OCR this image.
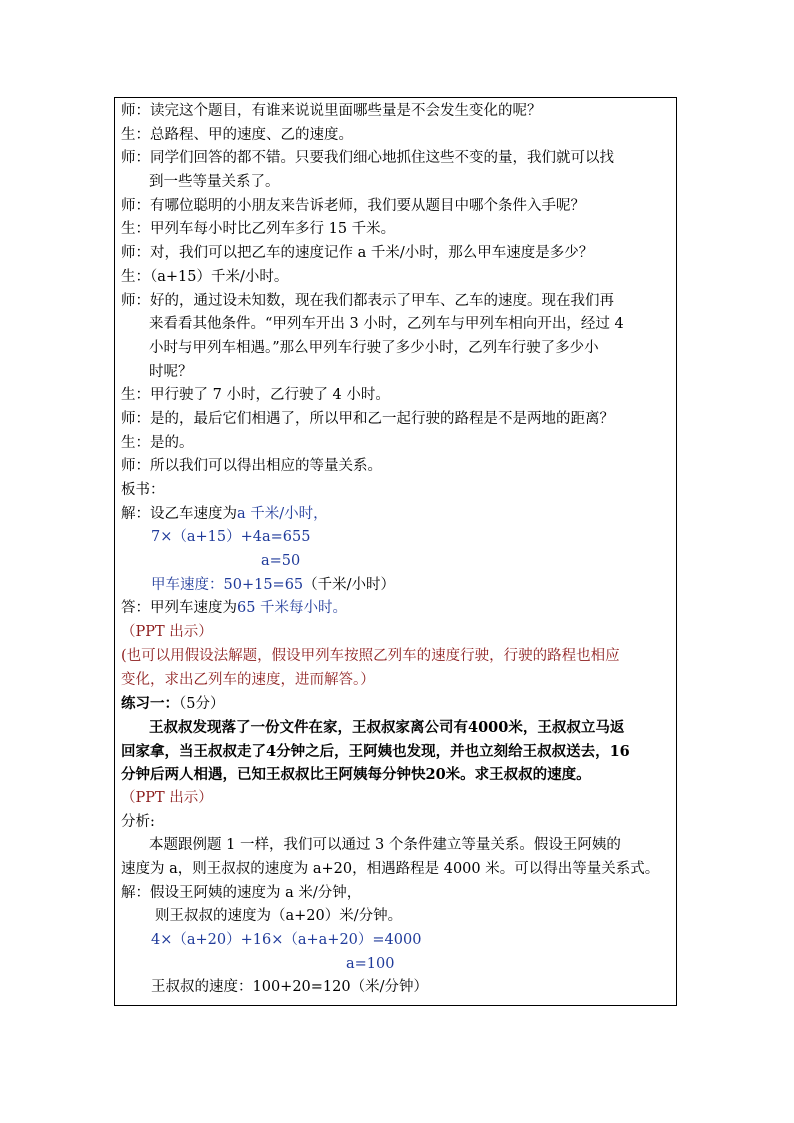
师：读完这个题目，有谁来说说里面哪些量是不会发生变化的呢？
生：总路程、甲的速度、乙的速度。
师：同学们回答的都不错。只要我们细心地抓住这些不变的量，我们就可以找
到一些等量关系了。
师：有哪位聪明的小朋友来告诉老师，我们要从题目中哪个条件入手呢？
生：甲列车每小时比乙列车多行 15 千米。
师：对，我们可以把乙车的速度记作 a 千米/小时，那么甲车速度是多少？
生：（a+15）千米/小时。
师：好的，通过设未知数，现在我们都表示了甲车、乙车的速度。现在我们再
来看看其他条件。“甲列车开出 3 小时，乙列车与甲列车相向开出，经过 4
小时与甲列车相遇。”那么甲列车行驶了多少小时，乙列车行驶了多少小
时呢？
生：甲行驶了 7 小时，乙行驶了 4 小时。
师：是的，最后它们相遇了，所以甲和乙一起行驶的路程是不是两地的距离？
生：是的。
师：所以我们可以得出相应的等量关系。
板书：
解：设乙车速度为a 千米/小时，
7×（a+15）+4a=655
a=50
甲车速度：50+15=65（千米/小时）
答：甲列车速度为65 千米每小时。
（PPT 出示）
(也可以用假设法解题，假设甲列车按照乙列车的速度行驶，行驶的路程也相应
变化，求出乙列车的速度，进而解答。）
练习一：（5分）
王叔叔发现落了一份文件在家，王叔叔家离公司有4000米，王叔叔立马返
回家拿，当王叔叔走了4分钟之后，王阿姨也发现，并也立刻给王叔叔送去，16
分钟后两人相遇，已知王叔叔比王阿姨每分钟快20米。求王叔叔的速度。
（PPT 出示）
分析:
本题跟例题 1 一样，我们可以通过 3 个条件建立等量关系。假设王阿姨的
速度为 a，则王叔叔的速度为 a+20，相遇路程是 4000 米。可以得出等量关系式。
解：假设王阿姨的速度为 a 米/分钟，
则王叔叔的速度为（a+20）米/分钟。
4×（a+20）+16×（a+a+20）=4000
a=100
王叔叔的速度：100+20=120（米/分钟）
